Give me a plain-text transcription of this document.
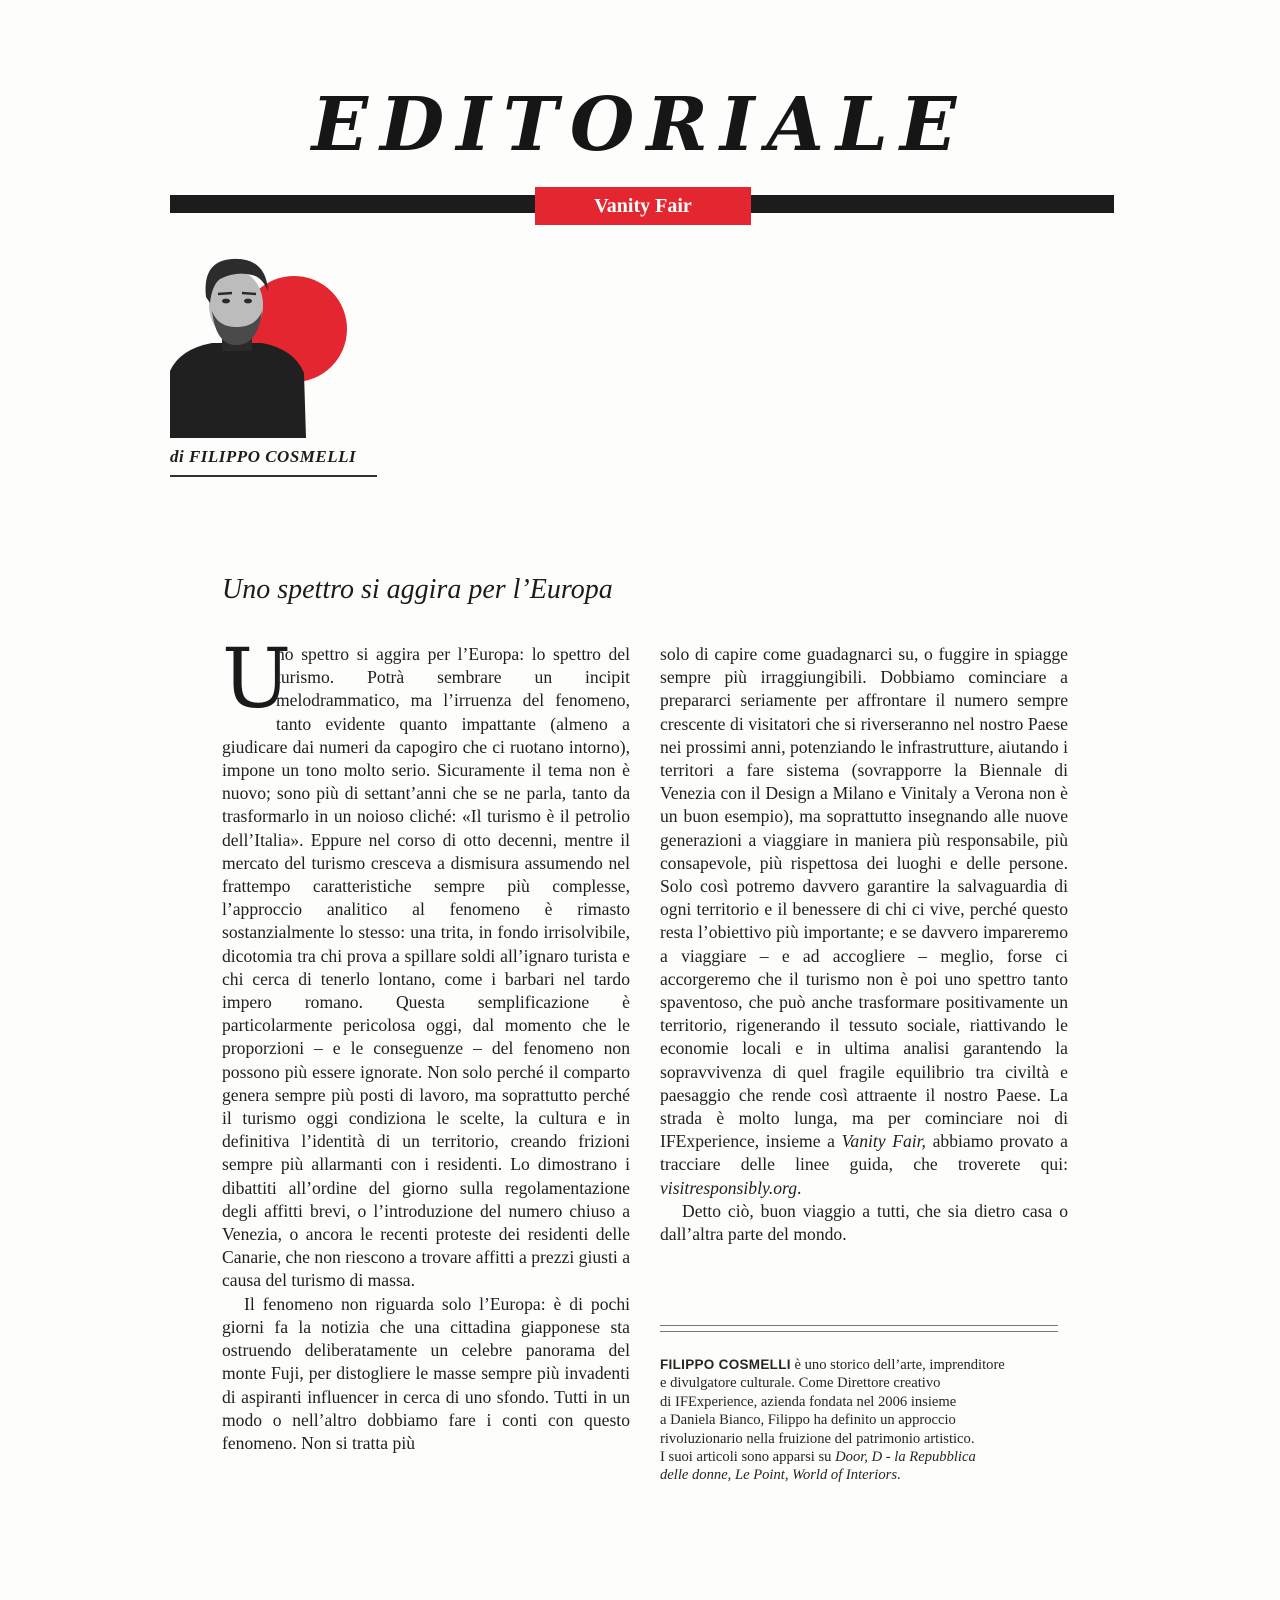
EDITORIALE
Vanity Fair
di FILIPPO COSMELLI
Uno spettro si aggira per l’Europa

U
no spettro si aggira per l’Europa: lo spettro del turismo. Potrà sembrare un incipit melodrammatico, ma l’irruenza del fenomeno, tanto evidente quanto impattante (almeno a giudicare dai numeri da capogiro che ci ruotano intorno), impone un tono molto serio. Sicuramente il tema non è nuovo; sono più di settant’anni che se ne parla, tanto da trasformarlo in un noioso cliché: «Il turismo è il petrolio dell’Italia». Eppure nel corso di otto decenni, mentre il mercato del turismo cresceva a dismisura assumendo nel frattempo caratteristiche sempre più complesse, l’approccio analitico al fenomeno è rimasto sostanzialmente lo stesso: una trita, in fondo irrisolvibile, dicotomia tra chi prova a spillare soldi all’ignaro turista e chi cerca di tenerlo lontano, come i barbari nel tardo impero romano. Questa semplificazione è particolarmente pericolosa oggi, dal momento che le proporzioni – e le conseguenze – del fenomeno non possono più essere ignorate. Non solo perché il comparto genera sempre più posti di lavoro, ma soprattutto perché il turismo oggi condiziona le scelte, la cultura e in definitiva l’identità di un territorio, creando frizioni sempre più allarmanti con i residenti. Lo dimostrano i dibattiti all’ordine del giorno sulla regolamentazione degli affitti brevi, o l’introduzione del numero chiuso a Venezia, o ancora le recenti proteste dei residenti delle Canarie, che non riescono a trovare affitti a prezzi giusti a causa del turismo di massa.

Il fenomeno non riguarda solo l’Europa: è di pochi giorni fa la notizia che una cittadina giapponese sta ostruendo deliberatamente un celebre panorama del monte Fuji, per distogliere le masse sempre più invadenti di aspiranti influencer in cerca di uno sfondo. Tutti in un modo o nell’altro dobbiamo fare i conti con questo fenomeno. Non si tratta più

solo di capire come guadagnarci su, o fuggire in spiagge sempre più irraggiungibili. Dobbiamo cominciare a prepararci seriamente per affrontare il numero sempre crescente di visitatori che si riverseranno nel nostro Paese nei prossimi anni, potenziando le infrastrutture, aiutando i territori a fare sistema (sovrapporre la Biennale di Venezia con il Design a Milano e Vinitaly a Verona non è un buon esempio), ma soprattutto insegnando alle nuove generazioni a viaggiare in maniera più responsabile, più consapevole, più rispettosa dei luoghi e delle persone. Solo così potremo davvero garantire la salvaguardia di ogni territorio e il benessere di chi ci vive, perché questo resta l’obiettivo più importante; e se davvero impareremo a viaggiare – e ad accogliere – meglio, forse ci accorgeremo che il turismo non è poi uno spettro tanto spaventoso, che può anche trasformare positivamente un territorio, rigenerando il tessuto sociale, riattivando le economie locali e in ultima analisi garantendo la sopravvivenza di quel fragile equilibrio tra civiltà e paesaggio che rende così attraente il nostro Paese. La strada è molto lunga, ma per cominciare noi di IFExperience, insieme a Vanity Fair, abbiamo provato a tracciare delle linee guida, che troverete qui: visitresponsibly.org.

Detto ciò, buon viaggio a tutti, che sia dietro casa o dall’altra parte del mondo.

FILIPPO COSMELLI è uno storico dell’arte, imprenditore

e divulgatore culturale. Come Direttore creativo

di IFExperience, azienda fondata nel 2006 insieme

a Daniela Bianco, Filippo ha definito un approccio

rivoluzionario nella fruizione del patrimonio artistico.

I suoi articoli sono apparsi su Door, D - la Repubblica

delle donne, Le Point, World of Interiors.
